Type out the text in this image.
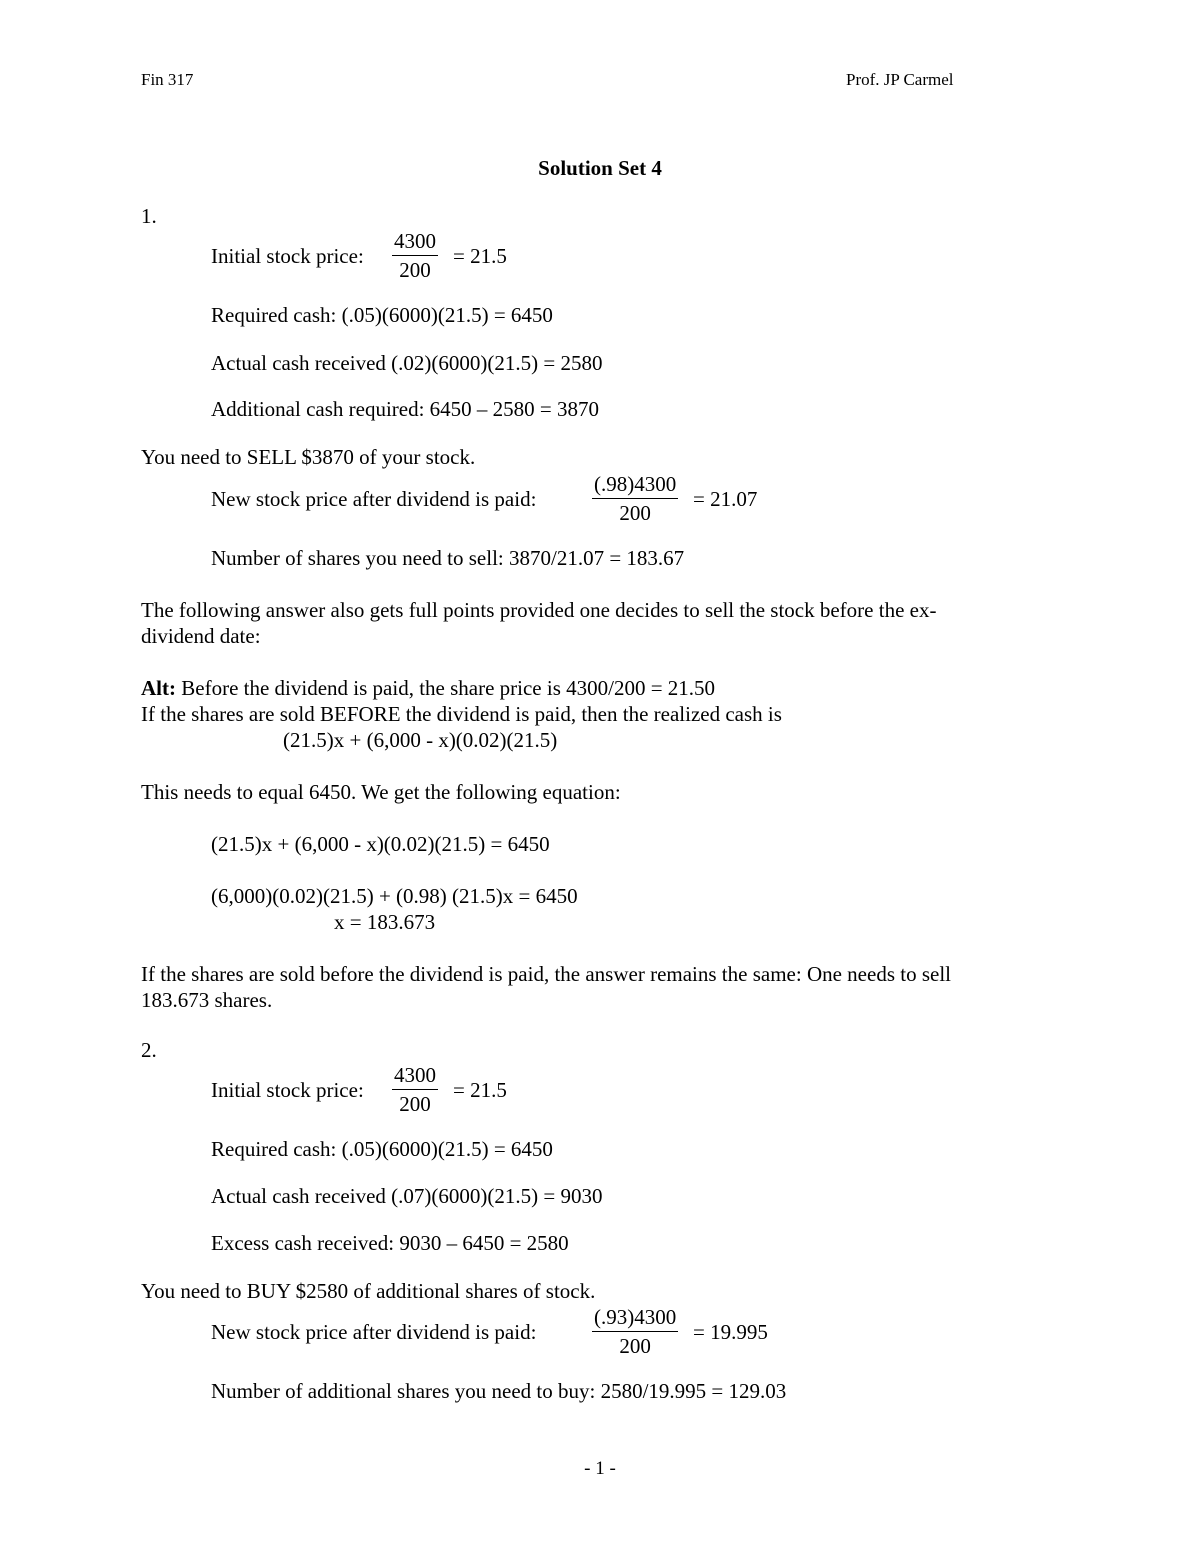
Fin 317	Prof. JP Carmel
Solution Set 4
1.
Initial stock price: $\frac{4300}{200} = 21.5$
Required cash: (.05)(6000)(21.5) = 6450
Actual cash received (.02)(6000)(21.5) = 2580
Additional cash required: 6450 – 2580 = 3870
You need to SELL $3870 of your stock.
New stock price after dividend is paid:	$\frac{(.98)4300}{200} = 21.07$
Number of shares you need to sell: 3870/21.07 = 183.67
The following answer also gets full points provided one decides to sell the stock before the ex-
dividend date:
Alt: Before the dividend is paid, the share price is 4300/200 = 21.50
If the shares are sold BEFORE the dividend is paid, then the realized cash is
(21.5)x + (6,000 - x)(0.02)(21.5)
This needs to equal 6450. We get the following equation:
(21.5)x + (6,000 - x)(0.02)(21.5) = 6450
(6,000)(0.02)(21.5) + (0.98) (21.5)x = 6450
x = 183.673
If the shares are sold before the dividend is paid, the answer remains the same: One needs to sell
183.673 shares.
2.
Initial stock price: $\frac{4300}{200} = 21.5$
Required cash: (.05)(6000)(21.5) = 6450
Actual cash received (.07)(6000)(21.5) = 9030
Excess cash received: 9030 – 6450 = 2580
You need to BUY $2580 of additional shares of stock.
New stock price after dividend is paid:	$\frac{(.93)4300}{200} = 19.995$
Number of additional shares you need to buy: 2580/19.995 = 129.03
- 1 -
